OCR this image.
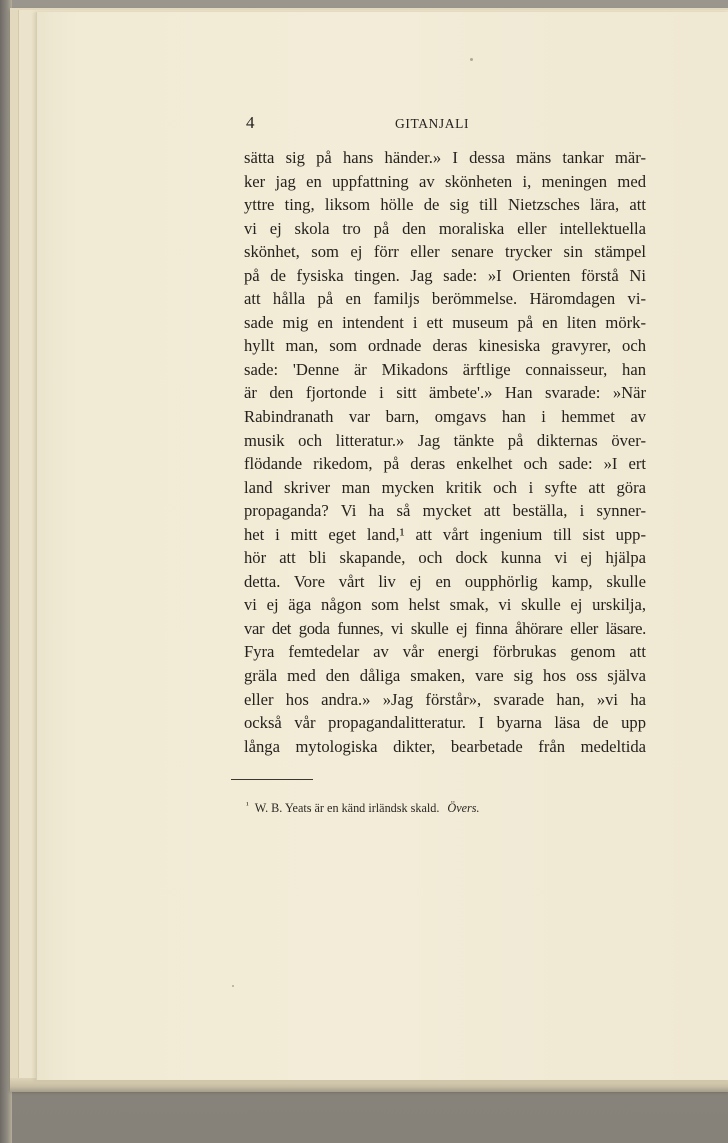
4	GITANJALI
sätta sig på hans händer.» I dessa mäns tankar mär-
ker jag en uppfattning av skönheten i, meningen med
yttre ting, liksom hölle de sig till Nietzsches lära, att
vi ej skola tro på den moraliska eller intellektuella
skönhet, som ej förr eller senare trycker sin stämpel
på de fysiska tingen. Jag sade: »I Orienten förstå Ni
att hålla på en familjs berömmelse. Häromdagen vi-
sade mig en intendent i ett museum på en liten mörk-
hyllt man, som ordnade deras kinesiska gravyrer, och
sade: 'Denne är Mikadons ärftlige connaisseur, han
är den fjortonde i sitt ämbete'.» Han svarade: »När
Rabindranath var barn, omgavs han i hemmet av
musik och litteratur.» Jag tänkte på dikternas över-
flödande rikedom, på deras enkelhet och sade: »I ert
land skriver man mycken kritik och i syfte att göra
propaganda? Vi ha så mycket att beställa, i synner-
het i mitt eget land,¹ att vårt ingenium till sist upp-
hör att bli skapande, och dock kunna vi ej hjälpa
detta. Vore vårt liv ej en oupphörlig kamp, skulle
vi ej äga någon som helst smak, vi skulle ej urskilja,
var det goda funnes, vi skulle ej finna åhörare eller läsare.
Fyra femtedelar av vår energi förbrukas genom att
gräla med den dåliga smaken, vare sig hos oss själva
eller hos andra.» »Jag förstår», svarade han, »vi ha
också vår propagandalitteratur. I byarna läsa de upp
långa mytologiska dikter, bearbetade från medeltida
$^{^1}$ W. B. Yeats är en känd irländsk skald. Övers.
